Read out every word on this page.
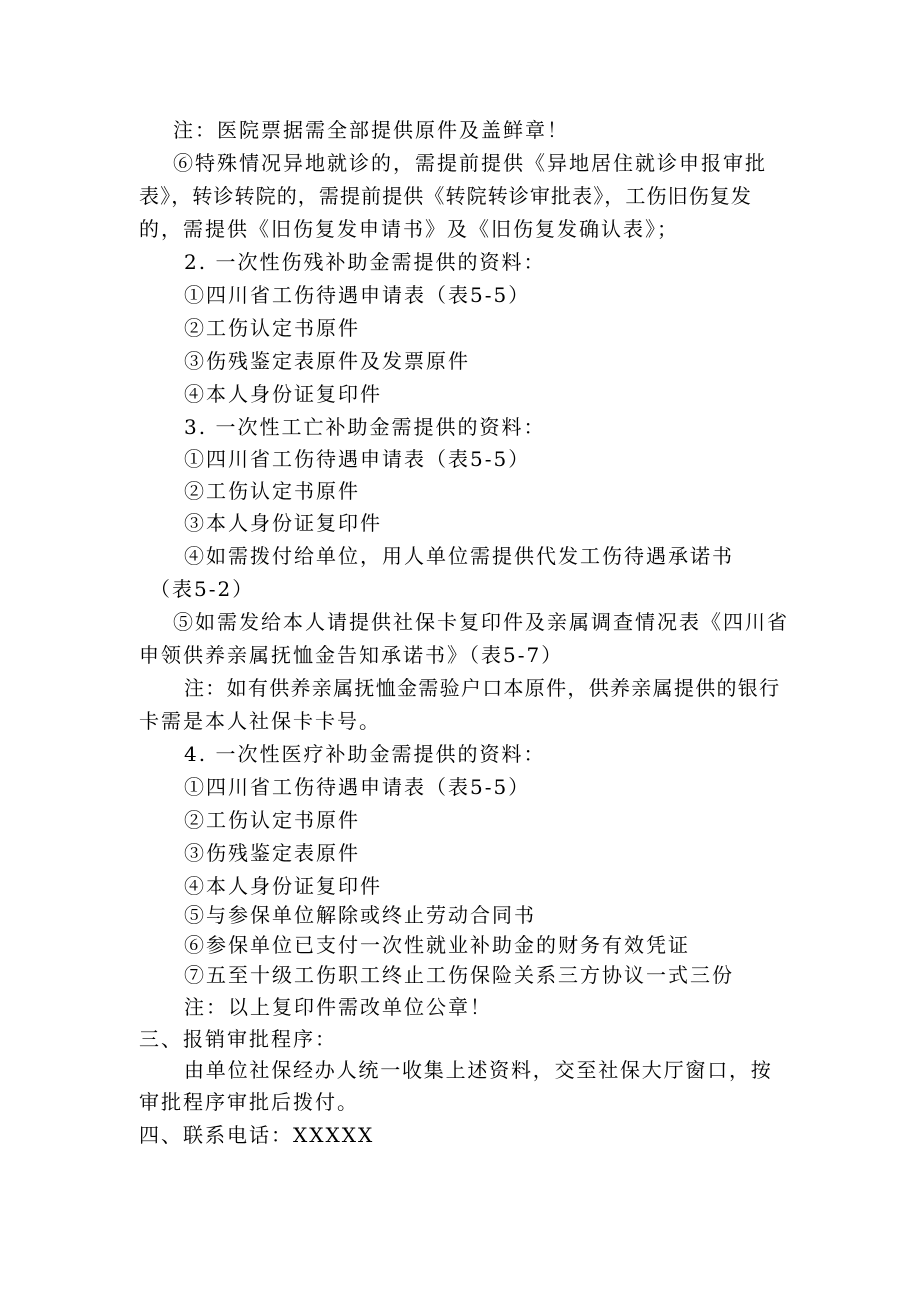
注：医院票据需全部提供原件及盖鲜章！
⑥特殊情况异地就诊的，需提前提供《异地居住就诊申报审批
表》，转诊转院的，需提前提供《转院转诊审批表》，工伤旧伤复发
的，需提供《旧伤复发申请书》及《旧伤复发确认表》；
2. 一次性伤残补助金需提供的资料：
①四川省工伤待遇申请表（表5-5）
②工伤认定书原件
③伤残鉴定表原件及发票原件
④本人身份证复印件
3. 一次性工亡补助金需提供的资料：
①四川省工伤待遇申请表（表5-5）
②工伤认定书原件
③本人身份证复印件
④如需拨付给单位，用人单位需提供代发工伤待遇承诺书
（表5-2）
⑤如需发给本人请提供社保卡复印件及亲属调查情况表《四川省
申领供养亲属抚恤金告知承诺书》（表5-7）
注：如有供养亲属抚恤金需验户口本原件，供养亲属提供的银行
卡需是本人社保卡卡号。
4. 一次性医疗补助金需提供的资料：
①四川省工伤待遇申请表（表5-5）
②工伤认定书原件
③伤残鉴定表原件
④本人身份证复印件
⑤与参保单位解除或终止劳动合同书
⑥参保单位已支付一次性就业补助金的财务有效凭证
⑦五至十级工伤职工终止工伤保险关系三方协议一式三份
注：以上复印件需改单位公章！
三、报销审批程序：
由单位社保经办人统一收集上述资料，交至社保大厅窗口，按
审批程序审批后拨付。
四、联系电话：XXXXX
